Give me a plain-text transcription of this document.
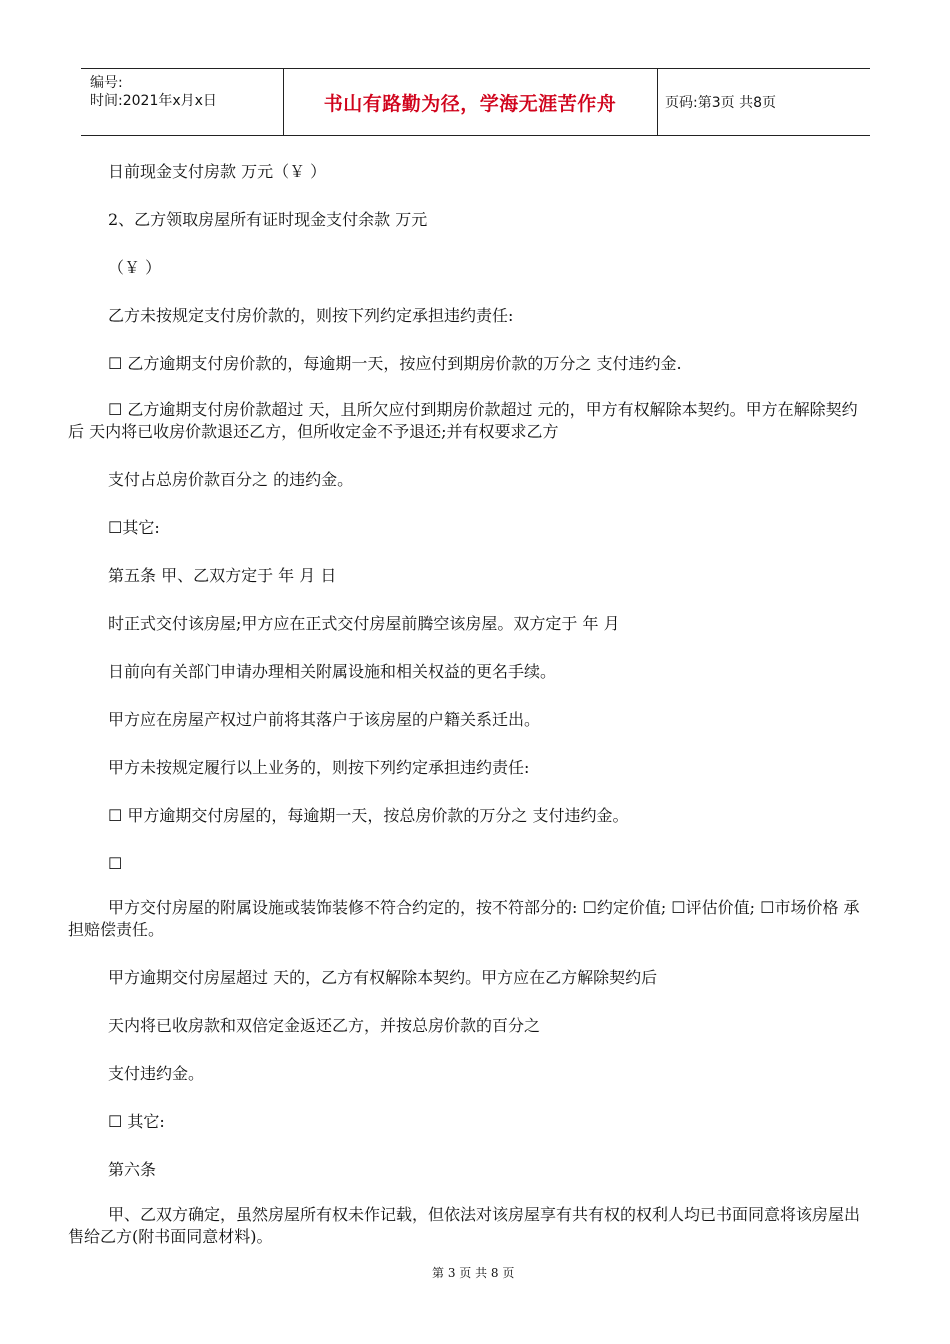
编号:
时间:2021年x月x日	书山有路勤为径，学海无涯苦作舟	页码:第3页 共8页
日前现金支付房款 万元（￥ ）
2、乙方领取房屋所有证时现金支付余款 万元
（￥ ）
乙方未按规定支付房价款的，则按下列约定承担违约责任:
☐ 乙方逾期支付房价款的，每逾期一天，按应付到期房价款的万分之 支付违约金.
☐ 乙方逾期支付房价款超过 天，且所欠应付到期房价款超过 元的，甲方有权解除本契约。甲方在解除契约后 天内将已收房价款退还乙方，但所收定金不予退还;并有权要求乙方
支付占总房价款百分之 的违约金。
☐其它:
第五条 甲、乙双方定于 年 月 日
时正式交付该房屋;甲方应在正式交付房屋前腾空该房屋。双方定于 年 月
日前向有关部门申请办理相关附属设施和相关权益的更名手续。
甲方应在房屋产权过户前将其落户于该房屋的户籍关系迁出。
甲方未按规定履行以上业务的，则按下列约定承担违约责任:
☐ 甲方逾期交付房屋的，每逾期一天，按总房价款的万分之 支付违约金。
☐
甲方交付房屋的附属设施或装饰装修不符合约定的，按不符部分的: ☐约定价值; ☐评估价值; ☐市场价格 承担赔偿责任。
甲方逾期交付房屋超过 天的，乙方有权解除本契约。甲方应在乙方解除契约后
天内将已收房款和双倍定金返还乙方，并按总房价款的百分之
支付违约金。
☐ 其它:
第六条
甲、乙双方确定，虽然房屋所有权未作记载，但依法对该房屋享有共有权的权利人均已书面同意将该房屋出售给乙方(附书面同意材料)。
第 3 页 共 8 页
